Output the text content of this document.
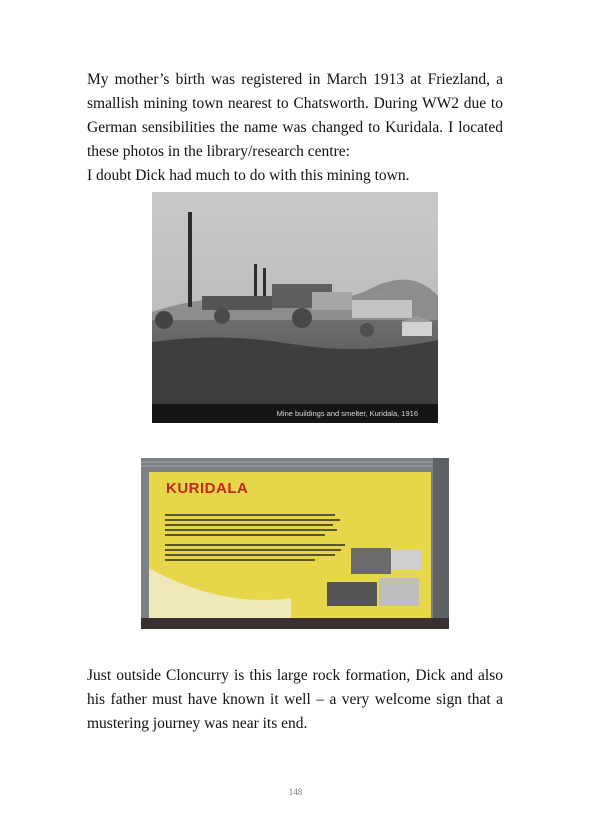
My mother’s birth was registered in March 1913 at Friezland, a smallish mining town nearest to Chatsworth. During WW2 due to German sensibilities the name was changed to Kuridala. I located these photos in the library/research centre:
I doubt Dick had much to do with this mining town.
Mine buildings and smelter, Kuridala, 1916
KURIDALA
Just outside Cloncurry is this large rock formation, Dick and also his father must have known it well – a very welcome sign that a mustering journey was near its end.
148
